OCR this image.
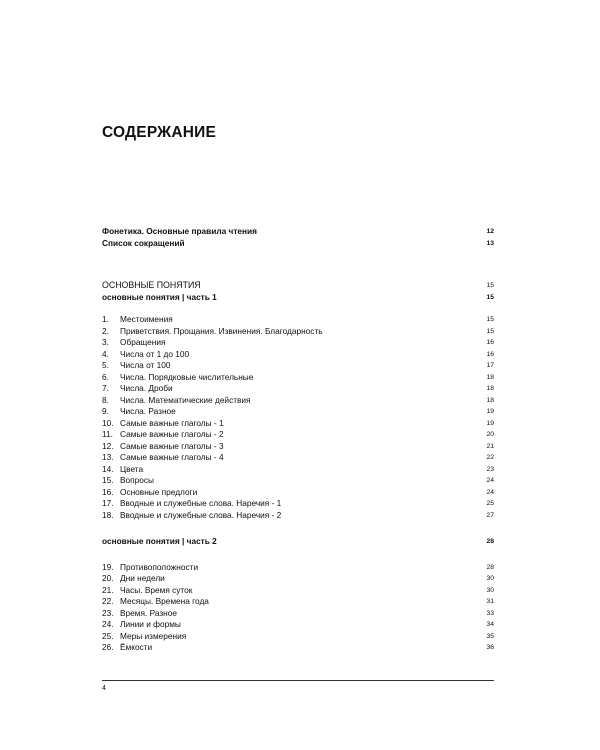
СОДЕРЖАНИЕ
Фонетика. Основные правила чтения	12
Список сокращений	13
ОСНОВНЫЕ ПОНЯТИЯ	15
основные понятия | часть 1	15
1. Местоимения	15
2. Приветствия. Прощания. Извинения. Благодарность	15
3. Обращения	16
4. Числа от 1 до 100	16
5. Числа от 100	17
6. Числа. Порядковые числительные	18
7. Числа. Дроби	18
8. Числа. Математические действия	18
9. Числа. Разное	19
10. Самые важные глаголы - 1	19
11. Самые важные глаголы - 2	20
12. Самые важные глаголы - 3	21
13. Самые важные глаголы - 4	22
14. Цвета	23
15. Вопросы	24
16. Основные предлоги	24
17. Вводные и служебные слова. Наречия - 1	25
18. Вводные и служебные слова. Наречия - 2	27
основные понятия | часть 2	28
19. Противоположности	28
20. Дни недели	30
21. Часы. Время суток	30
22. Месяцы. Времена года	31
23. Время. Разное	33
24. Линии и формы	34
25. Меры измерения	35
26. Ёмкости	36
4
